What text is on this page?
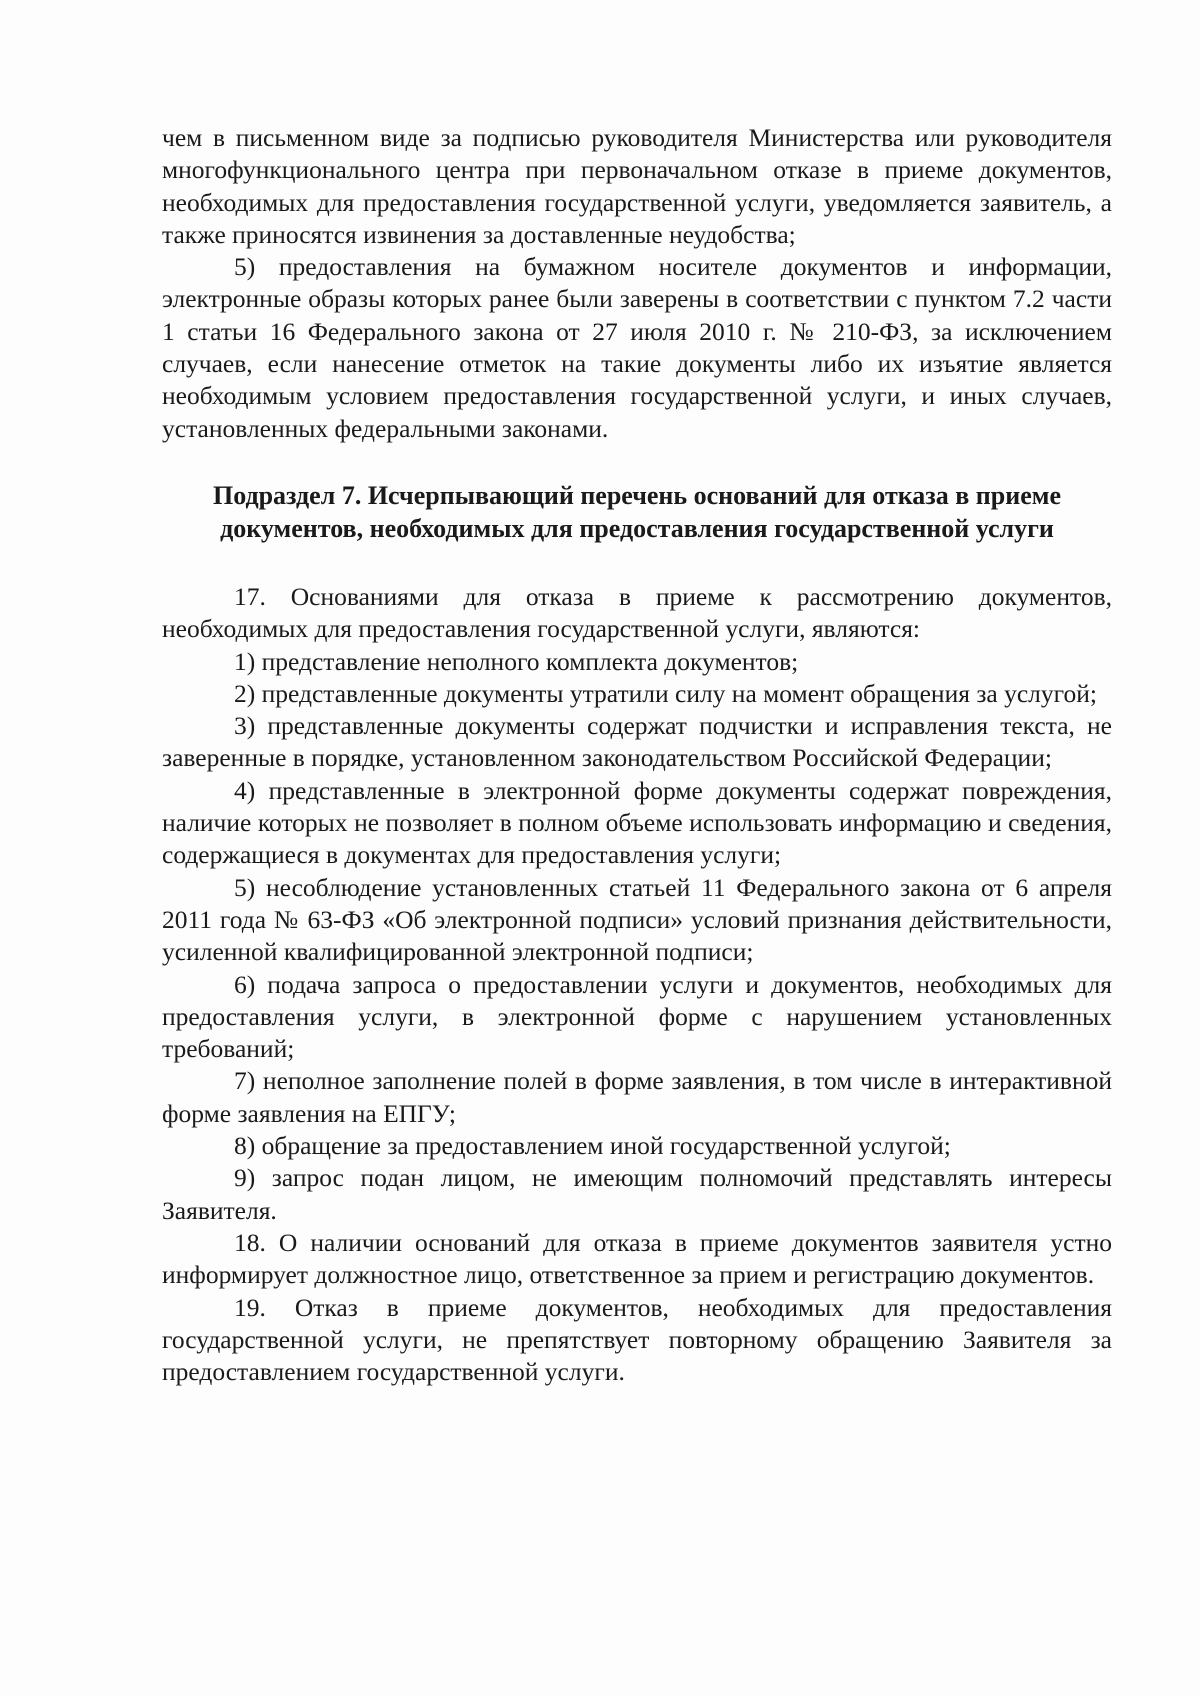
чем в письменном виде за подписью руководителя Министерства или руководителя многофункционального центра при первоначальном отказе в приеме документов, необходимых для предоставления государственной услуги, уведомляется заявитель, а также приносятся извинения за доставленные неудобства;

5) предоставления на бумажном носителе документов и информации, электронные образы которых ранее были заверены в соответствии с пунктом 7.2 части 1 статьи 16 Федерального закона от 27 июля 2010 г. № 210-ФЗ, за исключением случаев, если нанесение отметок на такие документы либо их изъятие является необходимым условием предоставления государственной услуги, и иных случаев, установленных федеральными законами.

Подраздел 7. Исчерпывающий перечень оснований для отказа в приеме
документов, необходимых для предоставления государственной услуги

17. Основаниями для отказа в приеме к рассмотрению документов, необходимых для предоставления государственной услуги, являются:

1) представление неполного комплекта документов;

2) представленные документы утратили силу на момент обращения за услугой;

3) представленные документы содержат подчистки и исправления текста, не заверенные в порядке, установленном законодательством Российской Федерации;

4) представленные в электронной форме документы содержат повреждения, наличие которых не позволяет в полном объеме использовать информацию и сведения, содержащиеся в документах для предоставления услуги;

5) несоблюдение установленных статьей 11 Федерального закона от 6 апреля 2011 года № 63-ФЗ «Об электронной подписи» условий признания действительности, усиленной квалифицированной электронной подписи;

6) подача запроса о предоставлении услуги и документов, необходимых для предоставления услуги, в электронной форме с нарушением установленных требований;

7) неполное заполнение полей в форме заявления, в том числе в интерактивной форме заявления на ЕПГУ;

8) обращение за предоставлением иной государственной услугой;

9) запрос подан лицом, не имеющим полномочий представлять интересы Заявителя.

18. О наличии оснований для отказа в приеме документов заявителя устно информирует должностное лицо, ответственное за прием и регистрацию документов.

19. Отказ в приеме документов, необходимых для предоставления государственной услуги, не препятствует повторному обращению Заявителя за предоставлением государственной услуги.
